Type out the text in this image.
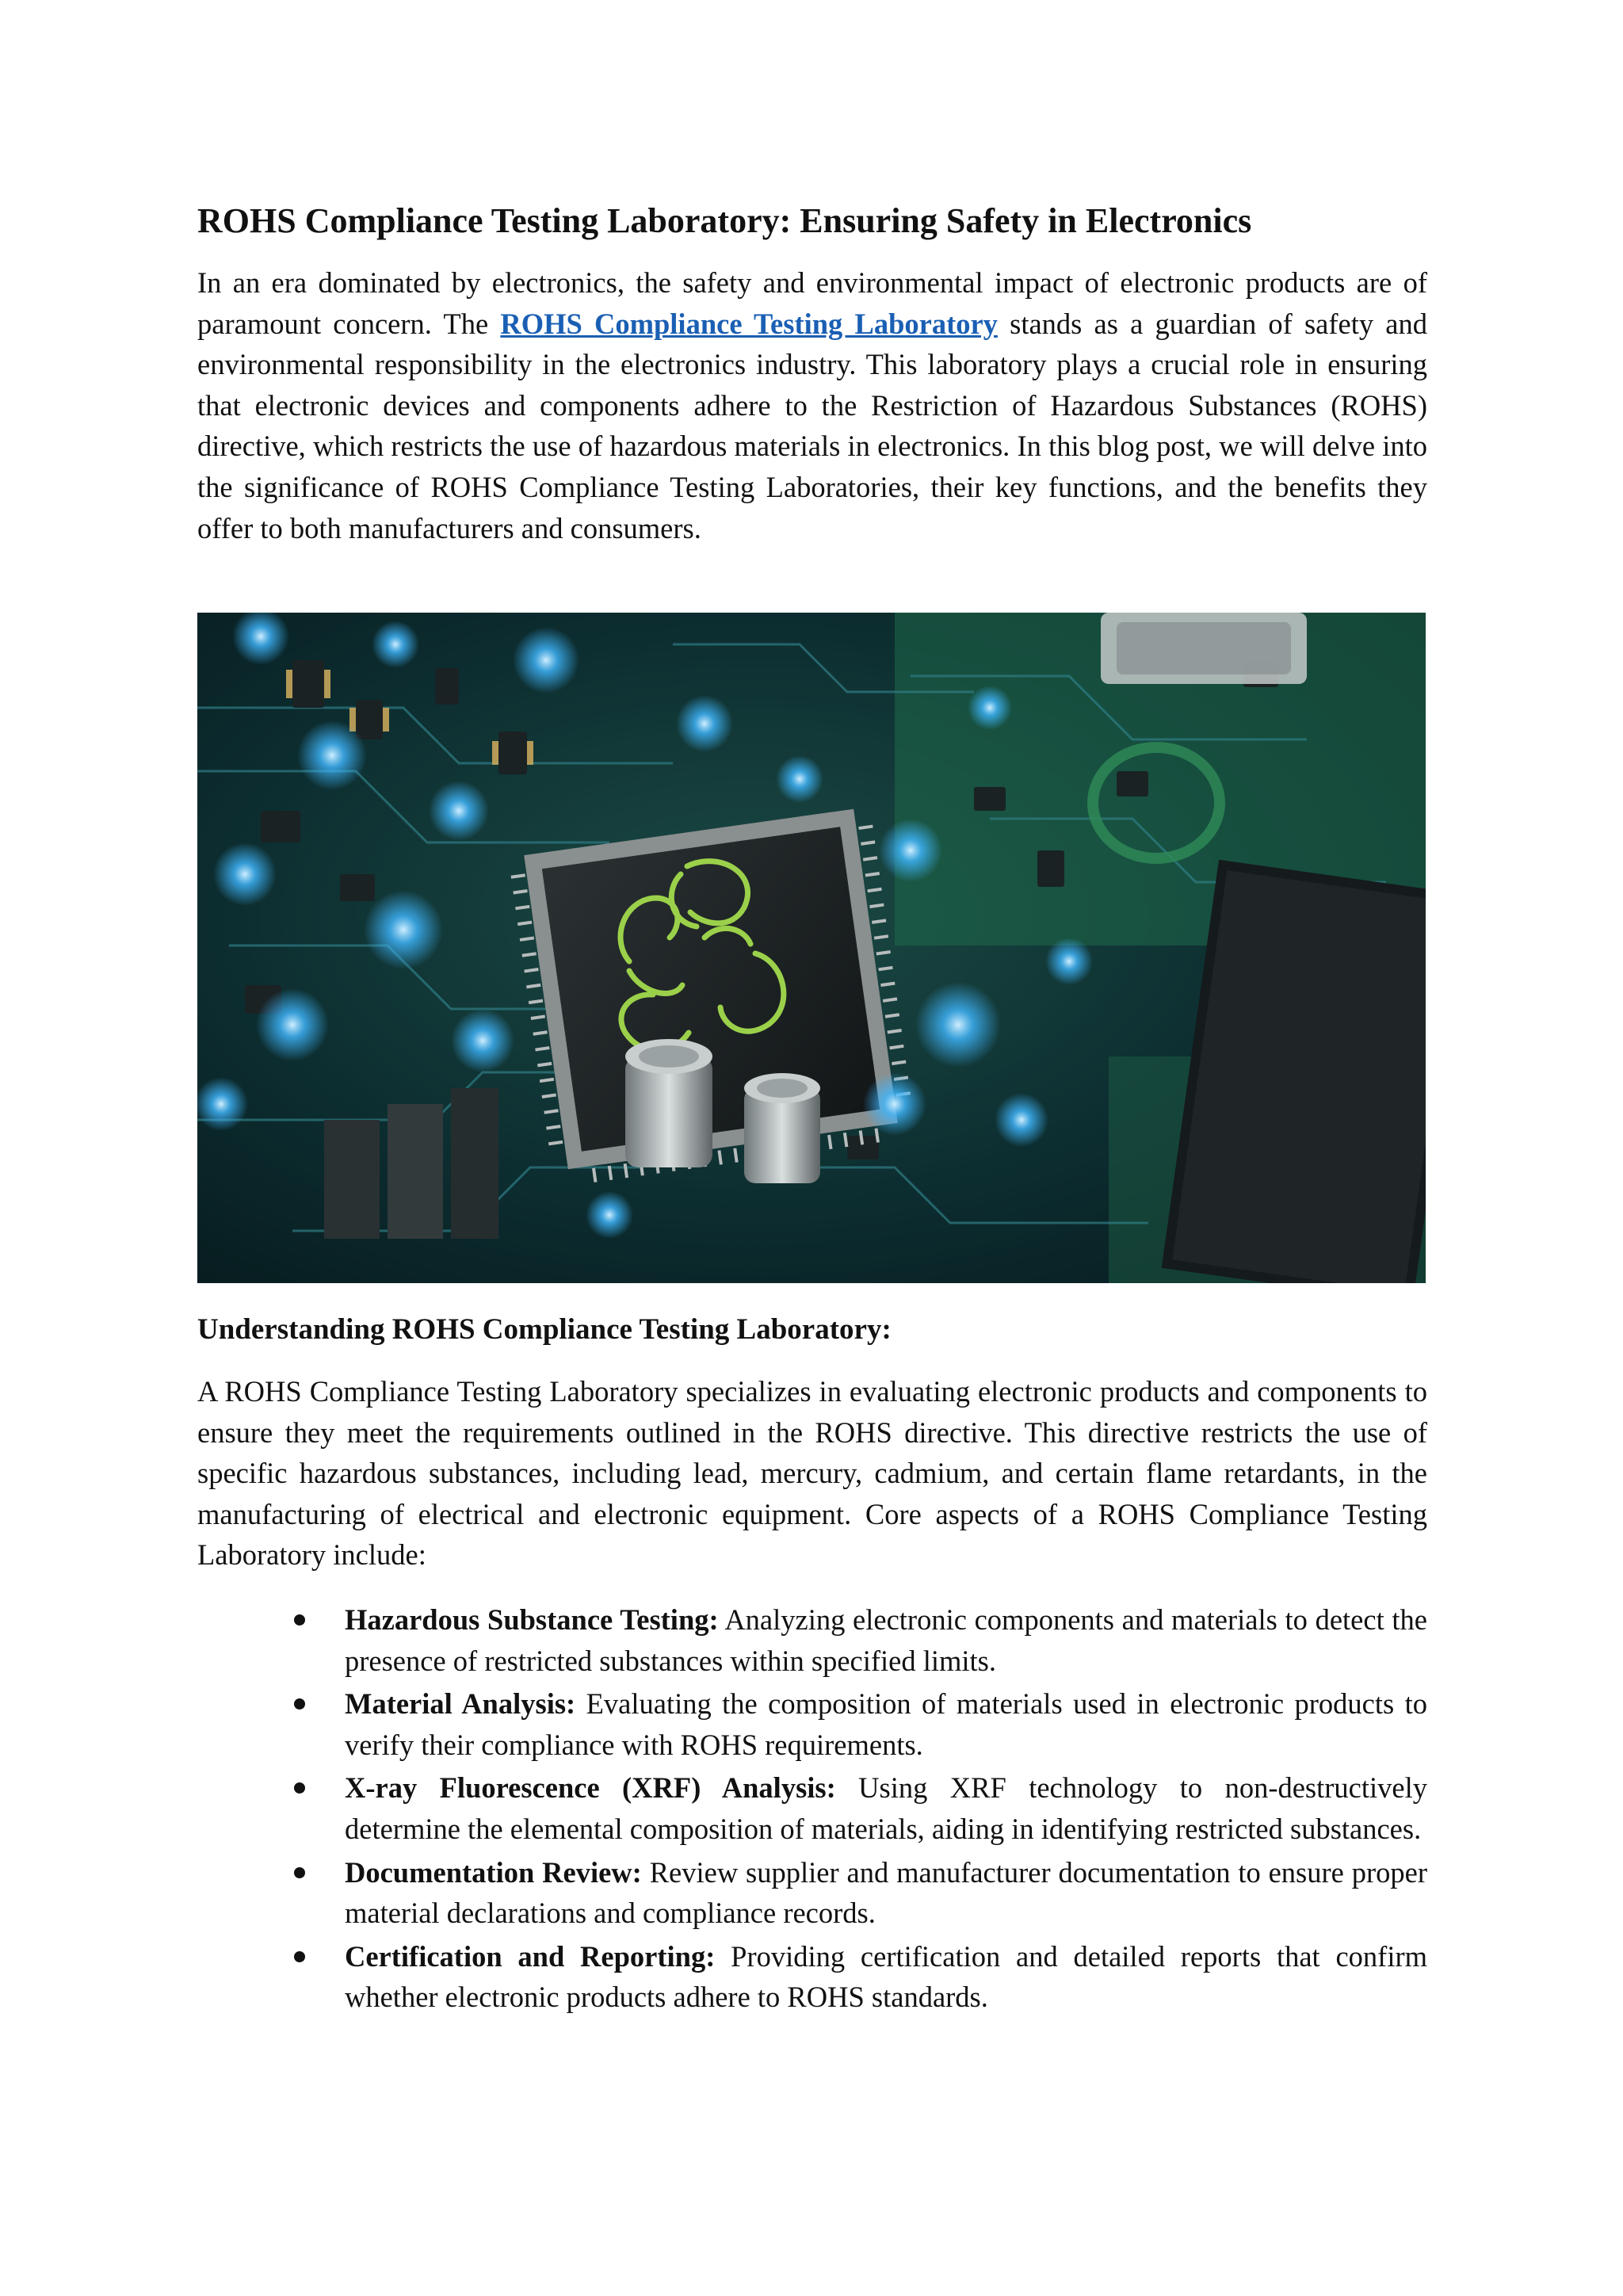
ROHS Compliance Testing Laboratory: Ensuring Safety in Electronics

In an era dominated by electronics, the safety and environmental impact of electronic products are of paramount concern. The ROHS Compliance Testing Laboratory stands as a guardian of safety and environmental responsibility in the electronics industry. This laboratory plays a crucial role in ensuring that electronic devices and components adhere to the Restriction of Hazardous Substances (ROHS) directive, which restricts the use of hazardous materials in electronics. In this blog post, we will delve into the significance of ROHS Compliance Testing Laboratories, their key functions, and the benefits they offer to both manufacturers and consumers.

Understanding ROHS Compliance Testing Laboratory:

A ROHS Compliance Testing Laboratory specializes in evaluating electronic products and components to ensure they meet the requirements outlined in the ROHS directive. This directive restricts the use of specific hazardous substances, including lead, mercury, cadmium, and certain flame retardants, in the manufacturing of electrical and electronic equipment. Core aspects of a ROHS Compliance Testing Laboratory include:

Hazardous Substance Testing: Analyzing electronic components and materials to detect the presence of restricted substances within specified limits.
Material Analysis: Evaluating the composition of materials used in electronic products to verify their compliance with ROHS requirements.
X-ray Fluorescence (XRF) Analysis: Using XRF technology to non-destructively determine the elemental composition of materials, aiding in identifying restricted substances.
Documentation Review: Review supplier and manufacturer documentation to ensure proper material declarations and compliance records.
Certification and Reporting: Providing certification and detailed reports that confirm whether electronic products adhere to ROHS standards.
